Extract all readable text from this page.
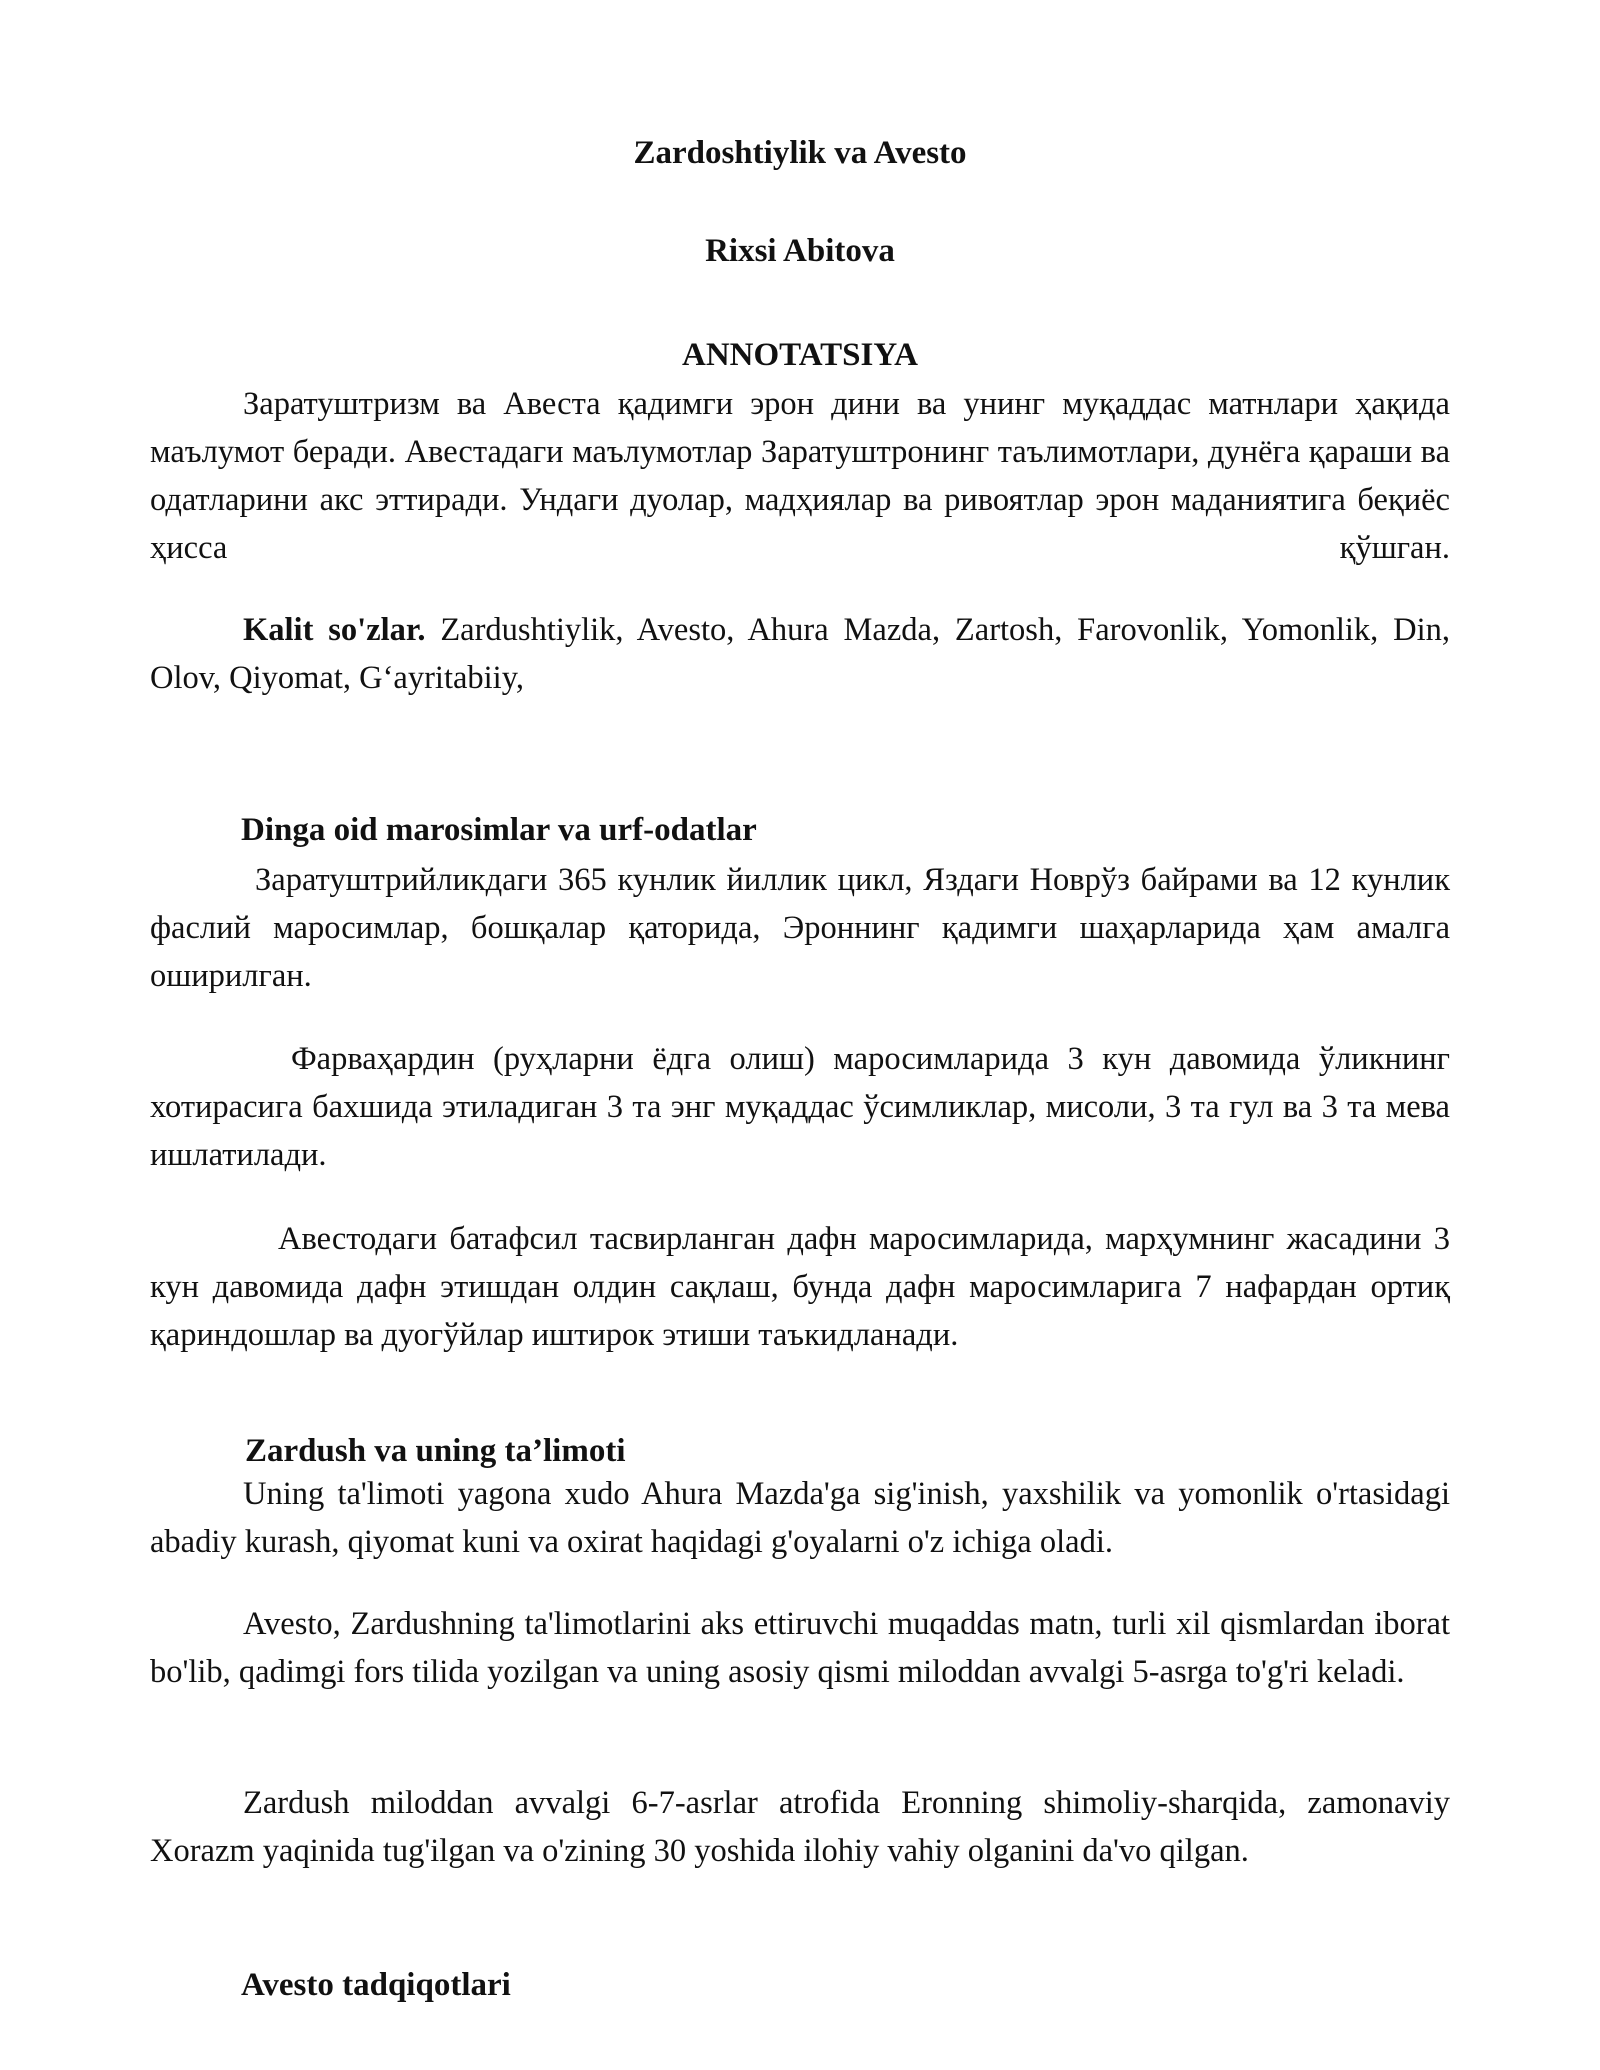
Zardoshtiylik va Avesto
Rixsi Abitova
ANNOTATSIYA

Заратуштризм ва Авеста қадимги эрон дини ва унинг муқаддас матнлари ҳақида маълумот беради. Авестадаги маълумотлар Заратуштронинг таълимотлари, дунёга қараши ва одатларини акс эттиради. Ундаги дуолар, мадҳиялар ва ривоятлар эрон маданиятига беқиёс ҳисса қўшган.

Kalit so'zlar. Zardushtiylik, Avesto, Ahura Mazda, Zartosh, Farovonlik, Yomonlik, Din, Olov, Qiyomat, G‘ayritabiiy,

Dinga oid marosimlar va urf-odatlar

Заратуштрийликдаги 365 кунлик йиллик цикл, Яздаги Новрўз байрами ва 12 кунлик фаслий маросимлар, бошқалар қаторида, Эроннинг қадимги шаҳарларида ҳам амалга оширилган.

Фарваҳардин (руҳларни ёдга олиш) маросимларида 3 кун давомида ўликнинг хотирасига бахшида этиладиган 3 та энг муқаддас ўсимликлар, мисоли, 3 та гул ва 3 та мева ишлатилади.

Авестодаги батафсил тасвирланган дафн маросимларида, марҳумнинг жасадини 3 кун давомида дафн этишдан олдин сақлаш, бунда дафн маросимларига 7 нафардан ортиқ қариндошлар ва дуогўйлар иштирок этиши таъкидланади.

Zardush va uning ta’limoti

Uning ta'limoti yagona xudo Ahura Mazda'ga sig'inish, yaxshilik va yomonlik o'rtasidagi abadiy kurash, qiyomat kuni va oxirat haqidagi g'oyalarni o'z ichiga oladi.

Avesto, Zardushning ta'limotlarini aks ettiruvchi muqaddas matn, turli xil qismlardan iborat bo'lib, qadimgi fors tilida yozilgan va uning asosiy qismi miloddan avvalgi 5-asrga to'g'ri keladi.

Zardush miloddan avvalgi 6-7-asrlar atrofida Eronning shimoliy-sharqida, zamonaviy Xorazm yaqinida tug'ilgan va o'zining 30 yoshida ilohiy vahiy olganini da'vo qilgan.

Avesto tadqiqotlari
